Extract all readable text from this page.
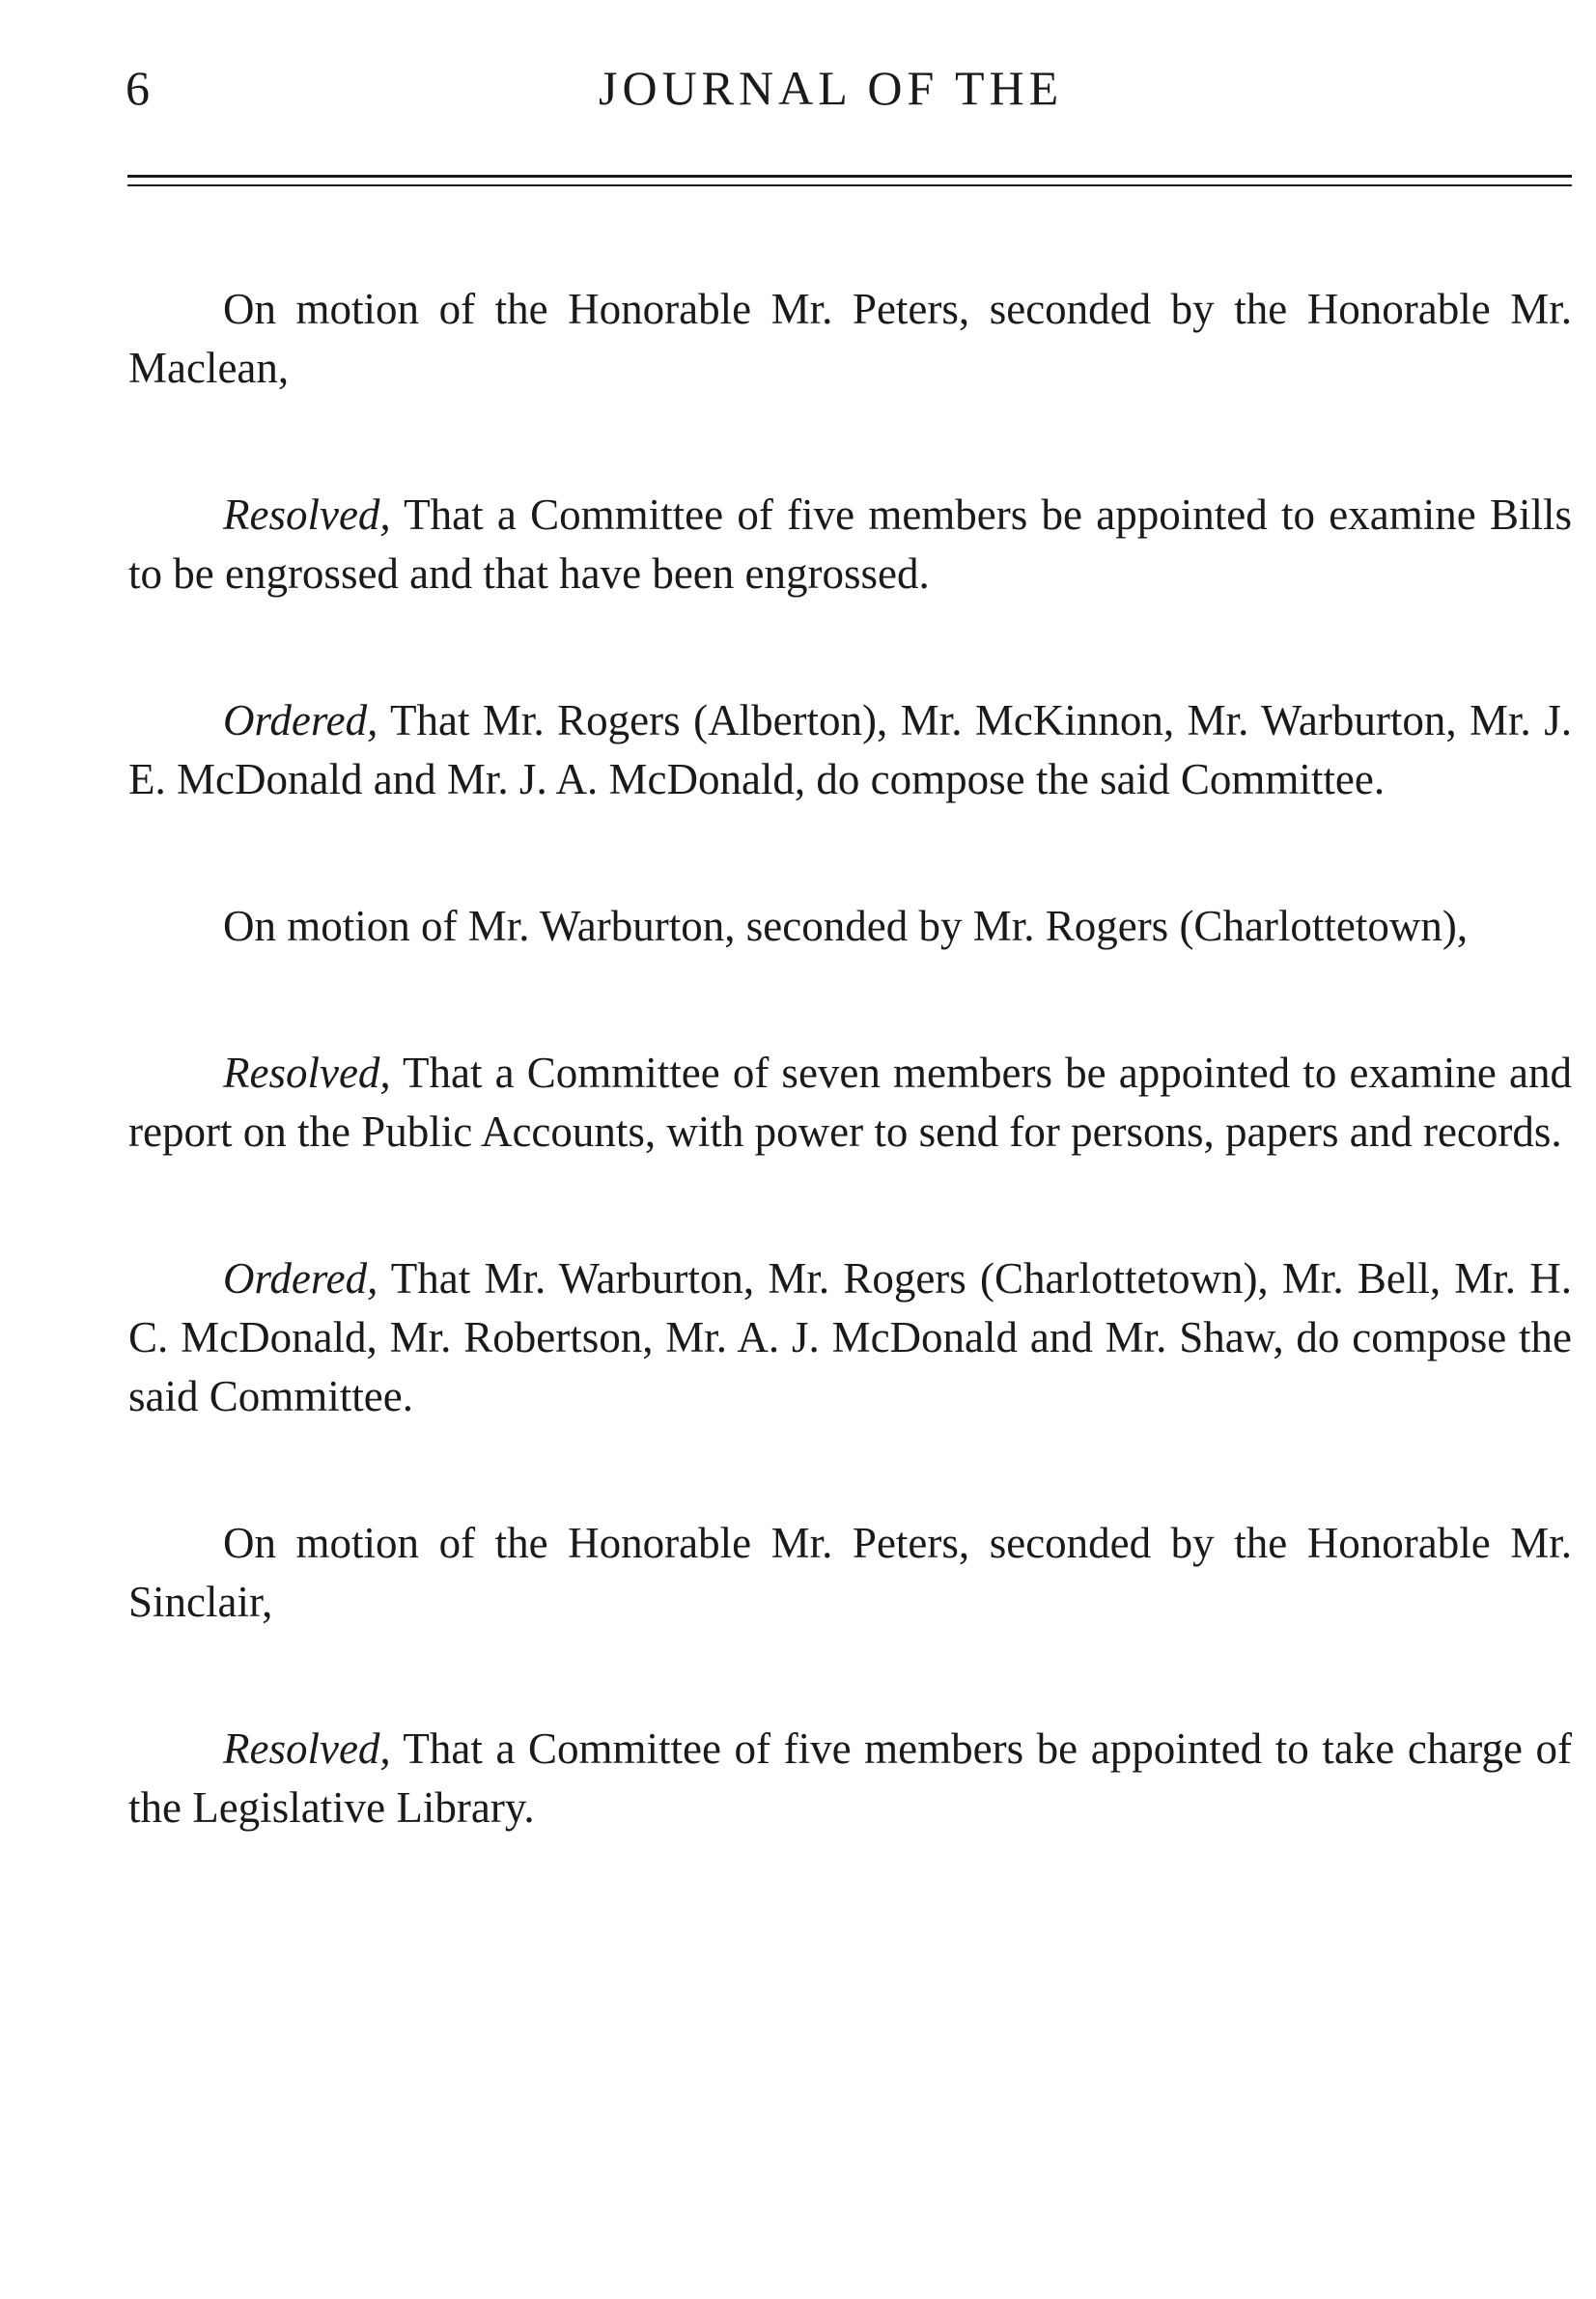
6	JOURNAL OF THE

On motion of the Honorable Mr. Peters, seconded by the Honorable Mr. Maclean,

Resolved, That a Committee of five members be appointed to examine Bills to be engrossed and that have been engrossed.

Ordered, That Mr. Rogers (Alberton), Mr. McKinnon, Mr. Warburton, Mr. J. E. McDonald and Mr. J. A. McDonald, do compose the said Committee.

On motion of Mr. Warburton, seconded by Mr. Rogers (Charlottetown),

Resolved, That a Committee of seven members be appointed to examine and report on the Public Accounts, with power to send for persons, papers and records.

Ordered, That Mr. Warburton, Mr. Rogers (Charlottetown), Mr. Bell, Mr. H. C. McDonald, Mr. Robertson, Mr. A. J. McDonald and Mr. Shaw, do compose the said Committee.

On motion of the Honorable Mr. Peters, seconded by the Honorable Mr. Sinclair,

Resolved, That a Committee of five members be appointed to take charge of the Legislative Library.
